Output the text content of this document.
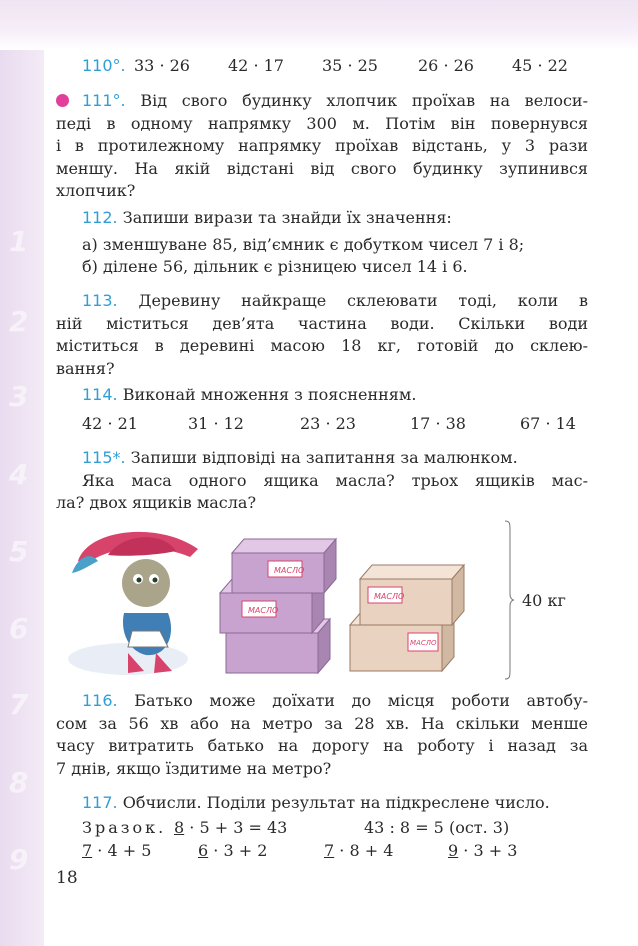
1
2
3
4
5
6
7
8
9

110°.

33 · 26

42 · 17

35 · 25

	26 · 26

45 · 22

111°. Від свого будинку хлопчик проїхав на велоси-
педі в одному напрямку 300 м. Потім він повернувся
і в протилежному напрямку проїхав відстань, у 3 рази
меншу. На якій відстані від свого будинку зупинився
хлопчик?
112. Запиши вирази та знайди їх значення:
а) зменшуване 85, від’ємник є добутком чисел 7 і 8;
б) ділене 56, дільник є різницею чисел 14 і 6.
113. Деревину найкраще склеювати тоді, коли в
ній міститься дев’ята частина води. Скільки води
міститься в деревині масою 18 кг, готовій до склею-
вання?
114. Виконай множення з поясненням.

42 · 21

	31 · 12

	23 · 23

	17 · 38

	67 · 14

115*. Запиши відповіді на запитання за малюнком.
Яка маса одного ящика масла? трьох ящиків мас-
ла? двох ящиків масла?
МАСЛО
МАСЛО
МАСЛО
МАСЛО
40 кг
116. Батько може доїхати до місця роботи автобу-
сом за 56 хв або на метро за 28 хв. На скільки менше
часу витратить батько на дорогу на роботу і назад за
7 днів, якщо їздитиме на метро?
117. Обчисли. Поділи результат на підкреслене число.

Зразок.

8 · 5 + 3 = 43

	43 : 8 = 5 (ост. 3)

7 · 4 + 5

	6 · 3 + 2

	7 · 8 + 4

	9 · 3 + 3

18
